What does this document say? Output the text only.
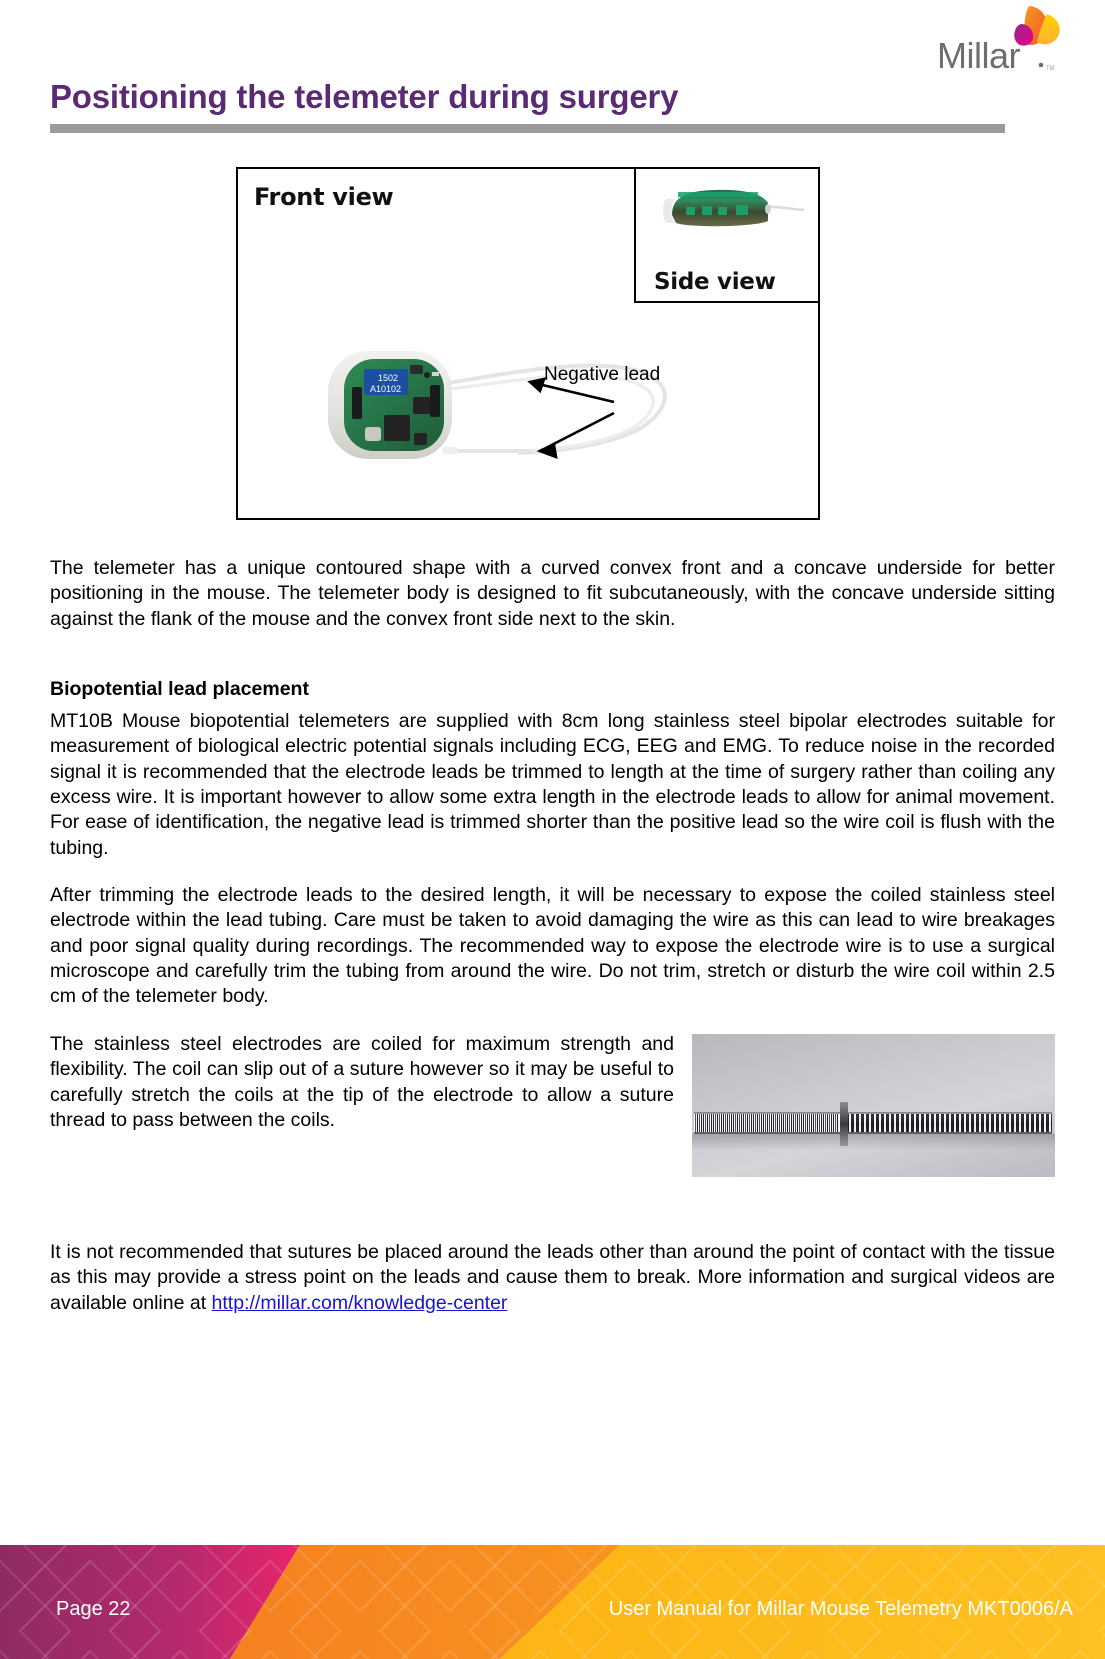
Millar	TM
Positioning the telemeter during surgery
Front view
Side view
1502
A10102
Negative lead

The telemeter has a unique contoured shape with a curved convex front and a concave underside for better positioning in the mouse. The telemeter body is designed to fit subcutaneously, with the concave underside sitting against the flank of the mouse and the convex front side next to the skin.

Biopotential lead placement

MT10B Mouse biopotential telemeters are supplied with 8cm long stainless steel bipolar electrodes suitable for measurement of biological electric potential signals including ECG, EEG and EMG. To reduce noise in the recorded signal it is recommended that the electrode leads be trimmed to length at the time of surgery rather than coiling any excess wire. It is important however to allow some extra length in the electrode leads to allow for animal movement. For ease of identification, the negative lead is trimmed shorter than the positive lead so the wire coil is flush with the tubing.

After trimming the electrode leads to the desired length, it will be necessary to expose the coiled stainless steel electrode within the lead tubing. Care must be taken to avoid damaging the wire as this can lead to wire breakages and poor signal quality during recordings. The recommended way to expose the electrode wire is to use a surgical microscope and carefully trim the tubing from around the wire. Do not trim, stretch or disturb the wire coil within 2.5 cm of the telemeter body.

The stainless steel electrodes are coiled for maximum strength and flexibility. The coil can slip out of a suture however so it may be useful to carefully stretch the coils at the tip of the electrode to allow a suture thread to pass between the coils.

It is not recommended that sutures be placed around the leads other than around the point of contact with the tissue as this may provide a stress point on the leads and cause them to break. More information and surgical videos are available online at http://millar.com/knowledge-center

Page 22	User Manual for Millar Mouse Telemetry MKT0006/A
